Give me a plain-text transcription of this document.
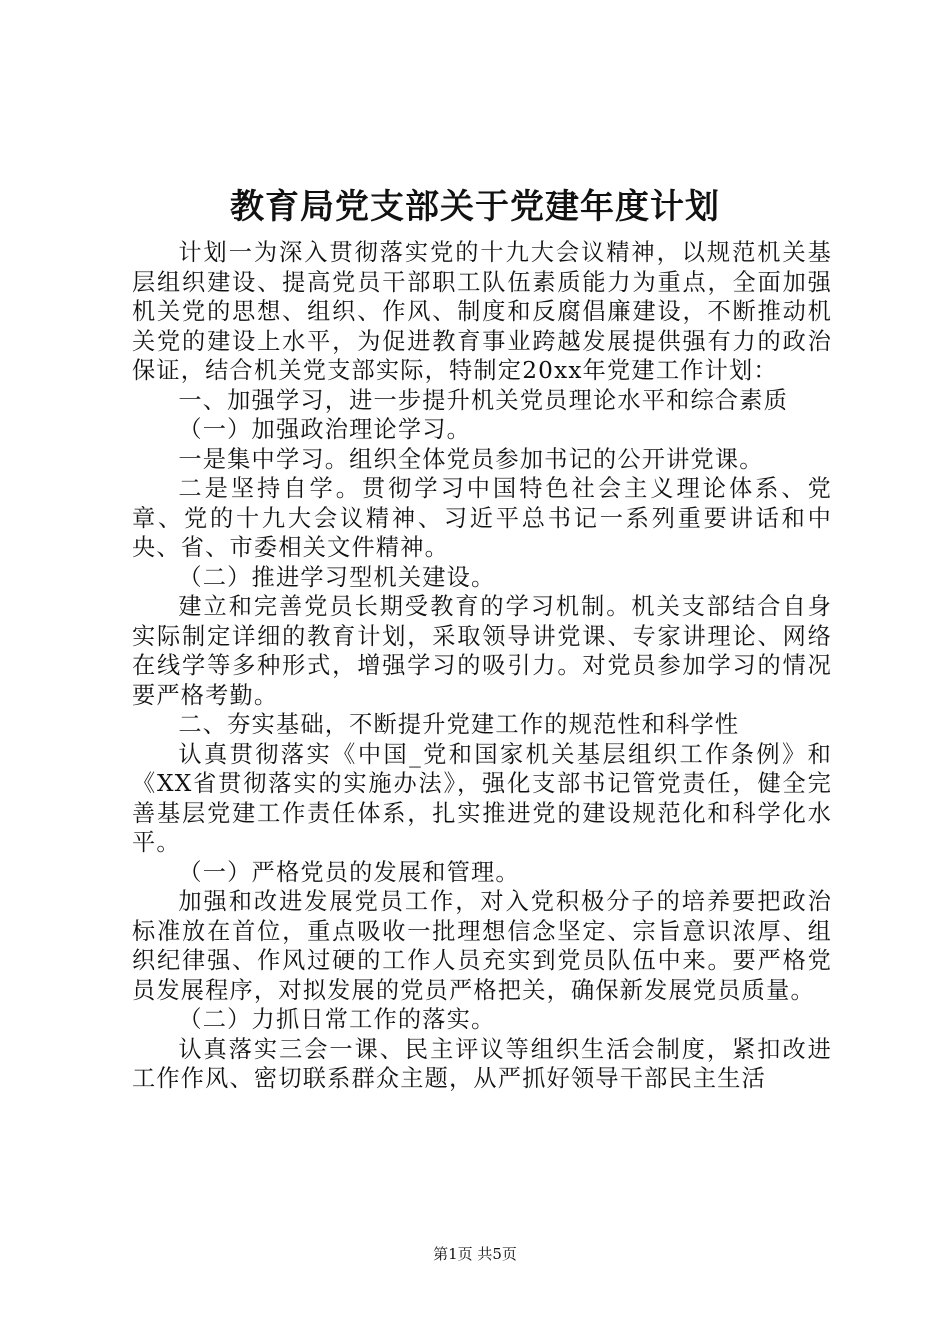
教育局党支部关于党建年度计划

计划一为深入贯彻落实党的十九大会议精神，以规范机关基层组织建设、提高党员干部职工队伍素质能力为重点，全面加强机关党的思想、组织、作风、制度和反腐倡廉建设，不断推动机关党的建设上水平，为促进教育事业跨越发展提供强有力的政治保证，结合机关党支部实际，特制定20xx年党建工作计划：

一、加强学习，进一步提升机关党员理论水平和综合素质

（一）加强政治理论学习。

一是集中学习。组织全体党员参加书记的公开讲党课。

二是坚持自学。贯彻学习中国特色社会主义理论体系、党章、党的十九大会议精神、习近平总书记一系列重要讲话和中央、省、市委相关文件精神。

（二）推进学习型机关建设。

建立和完善党员长期受教育的学习机制。机关支部结合自身实际制定详细的教育计划，采取领导讲党课、专家讲理论、网络在线学等多种形式，增强学习的吸引力。对党员参加学习的情况要严格考勤。

二、夯实基础，不断提升党建工作的规范性和科学性

认真贯彻落实《中国_党和国家机关基层组织工作条例》和《XX省贯彻落实的实施办法》，强化支部书记管党责任，健全完善基层党建工作责任体系，扎实推进党的建设规范化和科学化水平。

（一）严格党员的发展和管理。

加强和改进发展党员工作，对入党积极分子的培养要把政治标准放在首位，重点吸收一批理想信念坚定、宗旨意识浓厚、组织纪律强、作风过硬的工作人员充实到党员队伍中来。要严格党员发展程序，对拟发展的党员严格把关，确保新发展党员质量。

（二）力抓日常工作的落实。

认真落实三会一课、民主评议等组织生活会制度，紧扣改进工作作风、密切联系群众主题，从严抓好领导干部民主生活

第1页 共5页
